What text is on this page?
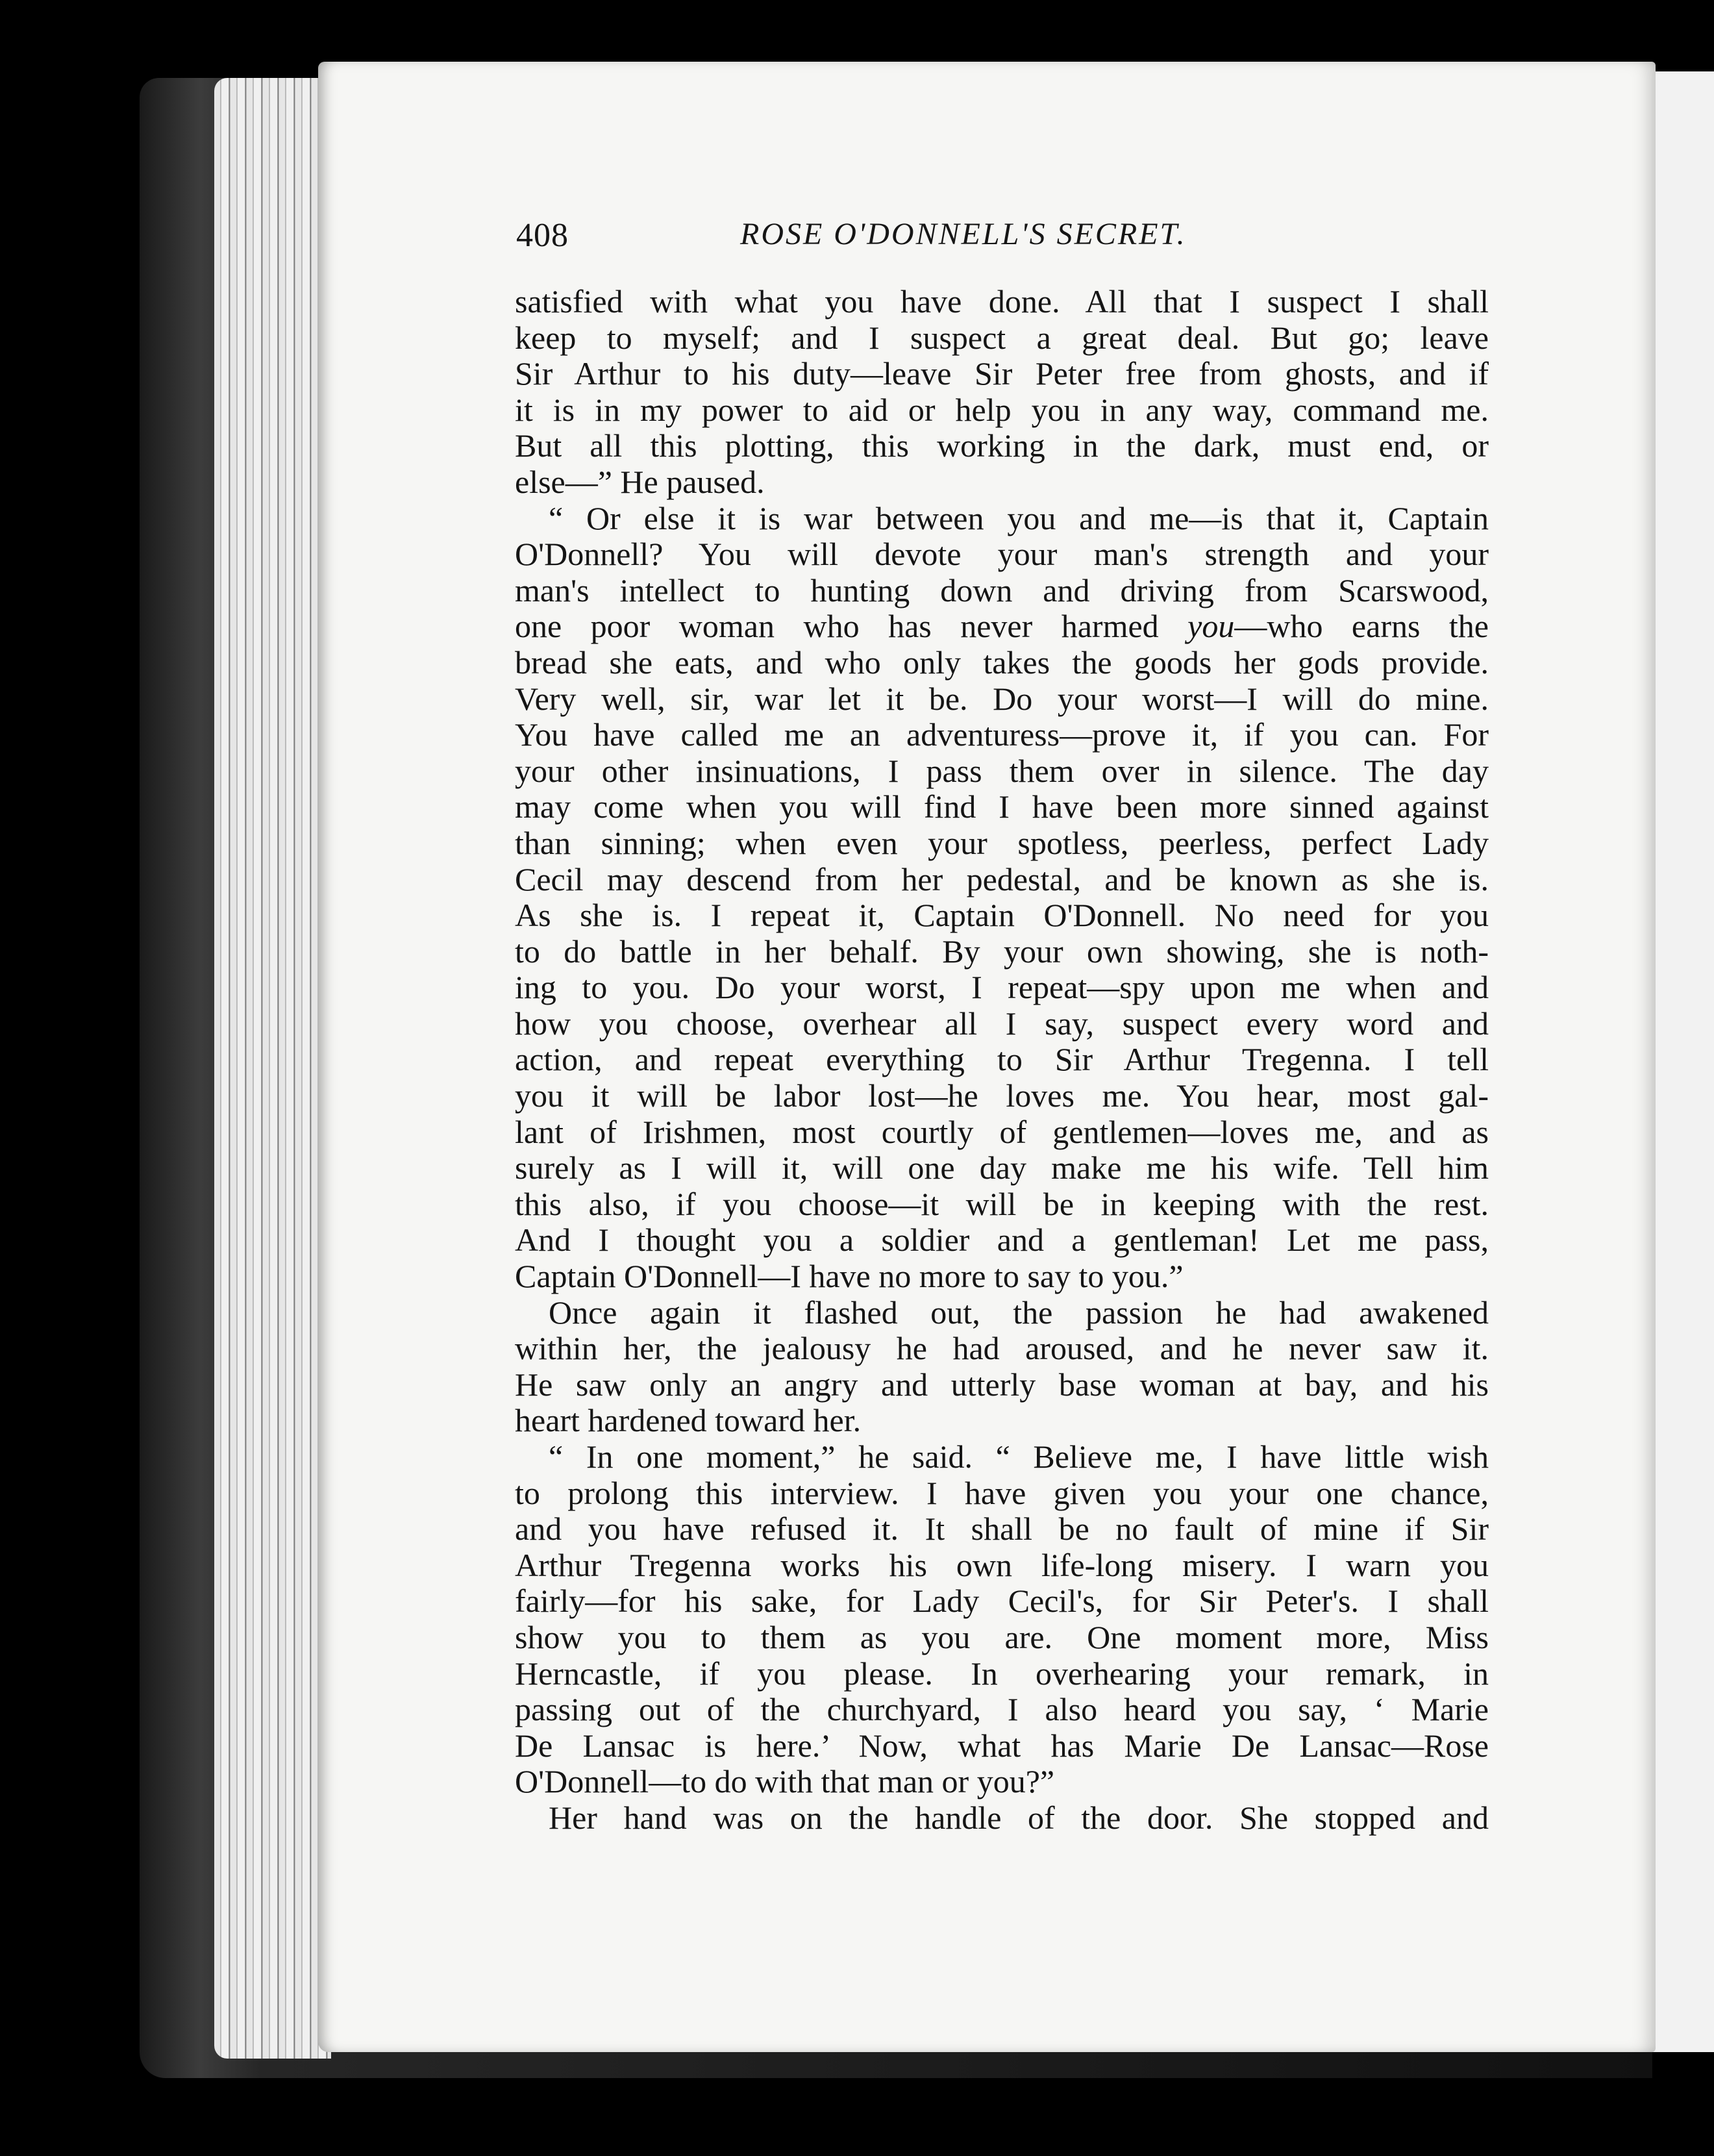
408	ROSE O'DONNELL'S SECRET.
satisfied with what you have done. All that I suspect I shall
keep to myself; and I suspect a great deal. But go; leave
Sir Arthur to his duty—leave Sir Peter free from ghosts, and if
it is in my power to aid or help you in any way, command me.
But all this plotting, this working in the dark, must end, or
else—” He paused.
“ Or else it is war between you and me—is that it, Captain
O'Donnell? You will devote your man's strength and your
man's intellect to hunting down and driving from Scarswood,
one poor woman who has never harmed you—who earns the
bread she eats, and who only takes the goods her gods provide.
Very well, sir, war let it be. Do your worst—I will do mine.
You have called me an adventuress—prove it, if you can. For
your other insinuations, I pass them over in silence. The day
may come when you will find I have been more sinned against
than sinning; when even your spotless, peerless, perfect Lady
Cecil may descend from her pedestal, and be known as she is.
As she is. I repeat it, Captain O'Donnell. No need for you
to do battle in her behalf. By your own showing, she is noth-
ing to you. Do your worst, I repeat—spy upon me when and
how you choose, overhear all I say, suspect every word and
action, and repeat everything to Sir Arthur Tregenna. I tell
you it will be labor lost—he loves me. You hear, most gal-
lant of Irishmen, most courtly of gentlemen—loves me, and as
surely as I will it, will one day make me his wife. Tell him
this also, if you choose—it will be in keeping with the rest.
And I thought you a soldier and a gentleman! Let me pass,
Captain O'Donnell—I have no more to say to you.”
Once again it flashed out, the passion he had awakened
within her, the jealousy he had aroused, and he never saw it.
He saw only an angry and utterly base woman at bay, and his
heart hardened toward her.
“ In one moment,” he said. “ Believe me, I have little wish
to prolong this interview. I have given you your one chance,
and you have refused it. It shall be no fault of mine if Sir
Arthur Tregenna works his own life-long misery. I warn you
fairly—for his sake, for Lady Cecil's, for Sir Peter's. I shall
show you to them as you are. One moment more, Miss
Herncastle, if you please. In overhearing your remark, in
passing out of the churchyard, I also heard you say, ‘ Marie
De Lansac is here.’ Now, what has Marie De Lansac—Rose
O'Donnell—to do with that man or you?”
Her hand was on the handle of the door. She stopped and
